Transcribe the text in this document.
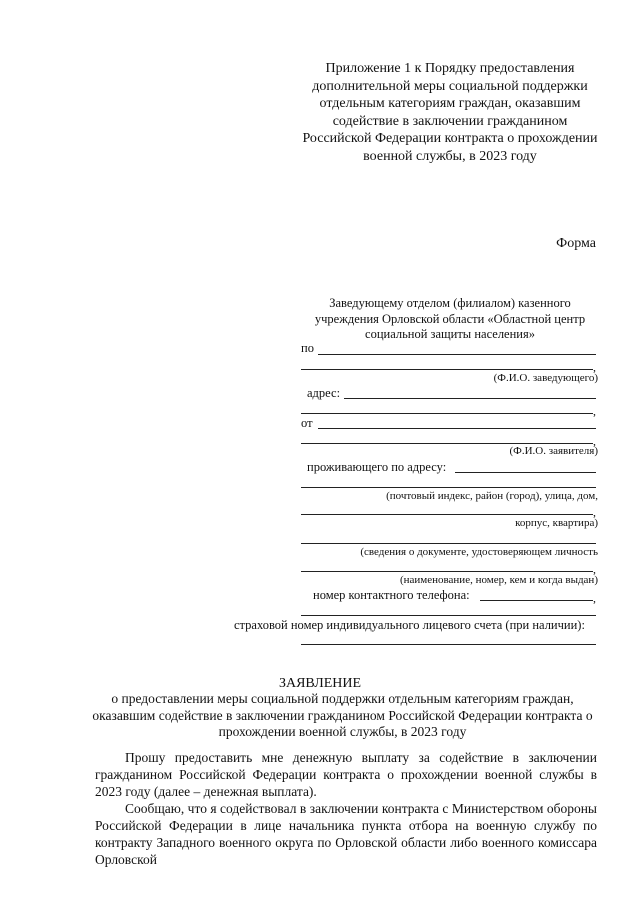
Приложение 1 к Порядку предоставления дополнительной меры социальной поддержки отдельным категориям граждан, оказавшим содействие в заключении гражданином Российской Федерации контракта о прохождении военной службы, в 2023 году

Форма
Заведующему отделом (филиалом) казенного учреждения Орловской области «Областной центр социальной защиты населения»
по
,
(Ф.И.О. заведующего)
адрес:
,
от
,
(Ф.И.О. заявителя)
проживающего по адресу:
(почтовый индекс, район (город), улица, дом,
,
корпус, квартира)
(сведения о документе, удостоверяющем личность
,
(наименование, номер, кем и когда выдан)
номер контактного телефона:	,
страховой номер индивидуального лицевого счета (при наличии):
ЗАЯВЛЕНИЕ
о предоставлении меры социальной поддержки отдельным категориям граждан, оказавшим содействие в заключении гражданином Российской Федерации контракта о прохождении военной службы, в 2023 году

Прошу предоставить мне денежную выплату за содействие в заключении гражданином Российской Федерации контракта о прохождении военной службы в 2023 году (далее – денежная выплата).

Сообщаю, что я содействовал в заключении контракта с Министерством обороны Российской Федерации в лице начальника пункта отбора на военную службу по контракту Западного военного округа по Орловской области либо военного комиссара Орловской
